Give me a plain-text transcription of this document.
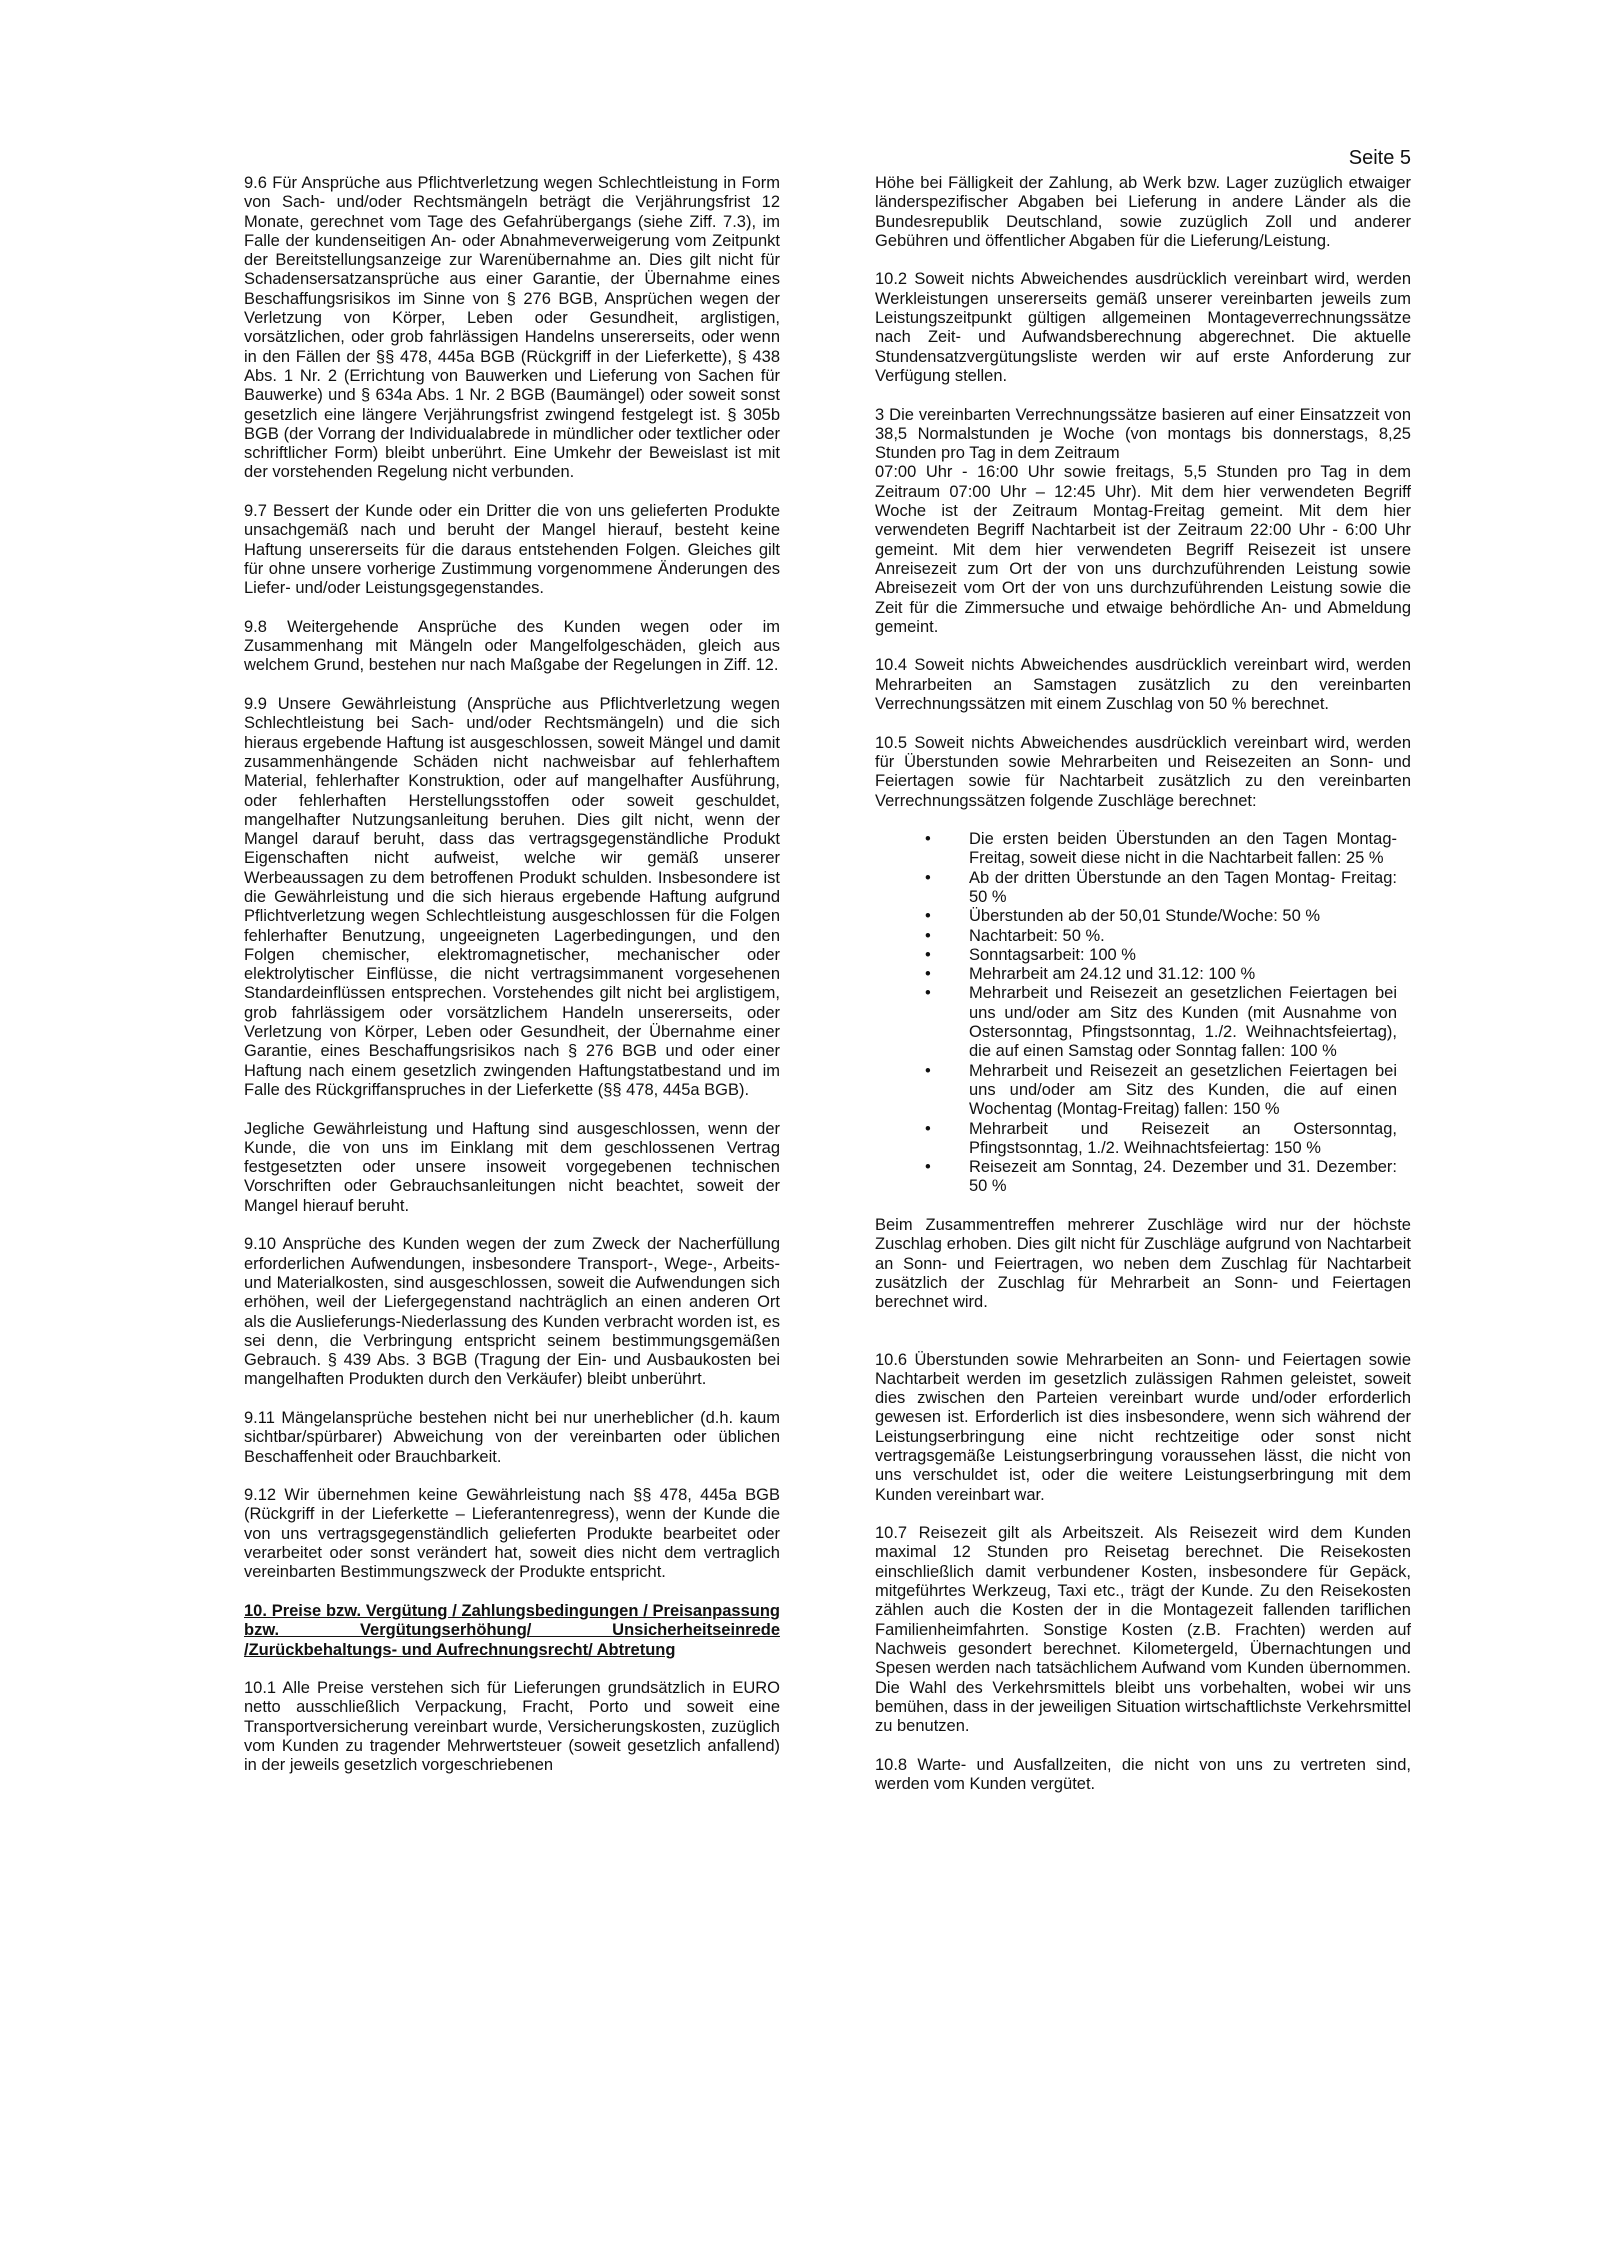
Seite 5

9.6 Für Ansprüche aus Pflichtverletzung wegen Schlechtleistung in Form von Sach- und/oder Rechtsmängeln beträgt die Verjährungsfrist 12 Monate, gerechnet vom Tage des Gefahrübergangs (siehe Ziff. 7.3), im Falle der kundenseitigen An- oder Abnahmeverweigerung vom Zeitpunkt der Bereitstellungsanzeige zur Warenübernahme an. Dies gilt nicht für Schadensersatzansprüche aus einer Garantie, der Übernahme eines Beschaffungsrisikos im Sinne von § 276 BGB, Ansprüchen wegen der Verletzung von Körper, Leben oder Gesundheit, arglistigen, vorsätzlichen, oder grob fahrlässigen Handelns unsererseits, oder wenn in den Fällen der §§ 478, 445a BGB (Rückgriff in der Lieferkette), § 438 Abs. 1 Nr. 2 (Errichtung von Bauwerken und Lieferung von Sachen für Bauwerke) und § 634a Abs. 1 Nr. 2 BGB (Baumängel) oder soweit sonst gesetzlich eine längere Verjährungsfrist zwingend festgelegt ist. § 305b BGB (der Vorrang der Individualabrede in mündlicher oder textlicher oder schriftlicher Form) bleibt unberührt. Eine Umkehr der Beweislast ist mit der vorstehenden Regelung nicht verbunden.

9.7 Bessert der Kunde oder ein Dritter die von uns gelieferten Produkte unsachgemäß nach und beruht der Mangel hierauf, besteht keine Haftung unsererseits für die daraus entstehenden Folgen. Gleiches gilt für ohne unsere vorherige Zustimmung vorgenommene Änderungen des Liefer- und/oder Leistungsgegenstandes.

9.8 Weitergehende Ansprüche des Kunden wegen oder im Zusammenhang mit Mängeln oder Mangelfolgeschäden, gleich aus welchem Grund, bestehen nur nach Maßgabe der Regelungen in Ziff. 12.

9.9 Unsere Gewährleistung (Ansprüche aus Pflichtverletzung wegen Schlechtleistung bei Sach- und/oder Rechtsmängeln) und die sich hieraus ergebende Haftung ist ausgeschlossen, soweit Mängel und damit zusammenhängende Schäden nicht nachweisbar auf fehlerhaftem Material, fehlerhafter Konstruktion, oder auf mangelhafter Ausführung, oder fehlerhaften Herstellungsstoffen oder soweit geschuldet, mangelhafter Nutzungsanleitung beruhen. Dies gilt nicht, wenn der Mangel darauf beruht, dass das vertragsgegenständliche Produkt Eigenschaften nicht aufweist, welche wir gemäß unserer Werbeaussagen zu dem betroffenen Produkt schulden. Insbesondere ist die Gewährleistung und die sich hieraus ergebende Haftung aufgrund Pflichtverletzung wegen Schlechtleistung ausgeschlossen für die Folgen fehlerhafter Benutzung, ungeeigneten Lagerbedingungen, und den Folgen chemischer, elektromagnetischer, mechanischer oder elektrolytischer Einflüsse, die nicht vertragsimmanent vorgesehenen Standardeinflüssen entsprechen. Vorstehendes gilt nicht bei arglistigem, grob fahrlässigem oder vorsätzlichem Handeln unsererseits, oder Verletzung von Körper, Leben oder Gesundheit, der Übernahme einer Garantie, eines Beschaffungsrisikos nach § 276 BGB und oder einer Haftung nach einem gesetzlich zwingenden Haftungstatbestand und im Falle des Rückgriffanspruches in der Lieferkette (§§ 478, 445a BGB).

Jegliche Gewährleistung und Haftung sind ausgeschlossen, wenn der Kunde, die von uns im Einklang mit dem geschlossenen Vertrag festgesetzten oder unsere insoweit vorgegebenen technischen Vorschriften oder Gebrauchsanleitungen nicht beachtet, soweit der Mangel hierauf beruht.

9.10 Ansprüche des Kunden wegen der zum Zweck der Nacherfüllung erforderlichen Aufwendungen, insbesondere Transport-, Wege-, Arbeits- und Materialkosten, sind ausgeschlossen, soweit die Aufwendungen sich erhöhen, weil der Liefergegenstand nachträglich an einen anderen Ort als die Auslieferungs-Niederlassung des Kunden verbracht worden ist, es sei denn, die Verbringung entspricht seinem bestimmungsgemäßen Gebrauch. § 439 Abs. 3 BGB (Tragung der Ein- und Ausbaukosten bei mangelhaften Produkten durch den Verkäufer) bleibt unberührt.

9.11 Mängelansprüche bestehen nicht bei nur unerheblicher (d.h. kaum sichtbar/spürbarer) Abweichung von der vereinbarten oder üblichen Beschaffenheit oder Brauchbarkeit.

9.12 Wir übernehmen keine Gewährleistung nach §§ 478, 445a BGB (Rückgriff in der Lieferkette – Lieferantenregress), wenn der Kunde die von uns vertragsgegenständlich gelieferten Produkte bearbeitet oder verarbeitet oder sonst verändert hat, soweit dies nicht dem vertraglich vereinbarten Bestimmungszweck der Produkte entspricht.

10. Preise bzw. Vergütung / Zahlungsbedingungen / Preisanpassung bzw. Vergütungserhöhung/ Unsicherheitseinrede /Zurückbehaltungs- und Aufrechnungsrecht/ Abtretung

10.1 Alle Preise verstehen sich für Lieferungen grundsätzlich in EURO netto ausschließlich Verpackung, Fracht, Porto und soweit eine Transportversicherung vereinbart wurde, Versicherungskosten, zuzüglich vom Kunden zu tragender Mehrwertsteuer (soweit gesetzlich anfallend) in der jeweils gesetzlich vorgeschriebenen

Höhe bei Fälligkeit der Zahlung, ab Werk bzw. Lager zuzüglich etwaiger länderspezifischer Abgaben bei Lieferung in andere Länder als die Bundesrepublik Deutschland, sowie zuzüglich Zoll und anderer Gebühren und öffentlicher Abgaben für die Lieferung/Leistung.

10.2 Soweit nichts Abweichendes ausdrücklich vereinbart wird, werden Werkleistungen unsererseits gemäß unserer vereinbarten jeweils zum Leistungszeitpunkt gültigen allgemeinen Montageverrechnungssätze nach Zeit- und Aufwandsberechnung abgerechnet. Die aktuelle Stundensatzvergütungsliste werden wir auf erste Anforderung zur Verfügung stellen.

3 Die vereinbarten Verrechnungssätze basieren auf einer Einsatzzeit von 38,5 Normalstunden je Woche (von montags bis donnerstags, 8,25 Stunden pro Tag in dem Zeitraum

07:00 Uhr - 16:00 Uhr sowie freitags, 5,5 Stunden pro Tag in dem Zeitraum 07:00 Uhr – 12:45 Uhr). Mit dem hier verwendeten Begriff Woche ist der Zeitraum Montag-Freitag gemeint. Mit dem hier verwendeten Begriff Nachtarbeit ist der Zeitraum 22:00 Uhr - 6:00 Uhr gemeint. Mit dem hier verwendeten Begriff Reisezeit ist unsere Anreisezeit zum Ort der von uns durchzuführenden Leistung sowie Abreisezeit vom Ort der von uns durchzuführenden Leistung sowie die Zeit für die Zimmersuche und etwaige behördliche An- und Abmeldung gemeint.

10.4 Soweit nichts Abweichendes ausdrücklich vereinbart wird, werden Mehrarbeiten an Samstagen zusätzlich zu den vereinbarten Verrechnungssätzen mit einem Zuschlag von 50 % berechnet.

10.5 Soweit nichts Abweichendes ausdrücklich vereinbart wird, werden für Überstunden sowie Mehrarbeiten und Reisezeiten an Sonn- und Feiertagen sowie für Nachtarbeit zusätzlich zu den vereinbarten Verrechnungssätzen folgende Zuschläge berechnet:

• Die ersten beiden Überstunden an den Tagen Montag- Freitag, soweit diese nicht in die Nachtarbeit fallen: 25 %
• Ab der dritten Überstunde an den Tagen Montag- Freitag: 50 %
• Überstunden ab der 50,01 Stunde/Woche: 50 %
• Nachtarbeit: 50 %.
• Sonntagsarbeit: 100 %
• Mehrarbeit am 24.12 und 31.12: 100 %
• Mehrarbeit und Reisezeit an gesetzlichen Feiertagen bei uns und/oder am Sitz des Kunden (mit Ausnahme von Ostersonntag, Pfingstsonntag, 1./2. Weihnachtsfeiertag), die auf einen Samstag oder Sonntag fallen: 100 %
• Mehrarbeit und Reisezeit an gesetzlichen Feiertagen bei uns und/oder am Sitz des Kunden, die auf einen Wochentag (Montag-Freitag) fallen: 150 %
• Mehrarbeit und Reisezeit an Ostersonntag, Pfingstsonntag, 1./2. Weihnachtsfeiertag: 150 %
• Reisezeit am Sonntag, 24. Dezember und 31. Dezember: 50 %

Beim Zusammentreffen mehrerer Zuschläge wird nur der höchste Zuschlag erhoben. Dies gilt nicht für Zuschläge aufgrund von Nachtarbeit an Sonn- und Feiertragen, wo neben dem Zuschlag für Nachtarbeit zusätzlich der Zuschlag für Mehrarbeit an Sonn- und Feiertagen berechnet wird.

10.6 Überstunden sowie Mehrarbeiten an Sonn- und Feiertagen sowie Nachtarbeit werden im gesetzlich zulässigen Rahmen geleistet, soweit dies zwischen den Parteien vereinbart wurde und/oder erforderlich gewesen ist. Erforderlich ist dies insbesondere, wenn sich während der Leistungserbringung eine nicht rechtzeitige oder sonst nicht vertragsgemäße Leistungserbringung voraussehen lässt, die nicht von uns verschuldet ist, oder die weitere Leistungserbringung mit dem Kunden vereinbart war.

10.7 Reisezeit gilt als Arbeitszeit. Als Reisezeit wird dem Kunden maximal 12 Stunden pro Reisetag berechnet. Die Reisekosten einschließlich damit verbundener Kosten, insbesondere für Gepäck, mitgeführtes Werkzeug, Taxi etc., trägt der Kunde. Zu den Reisekosten zählen auch die Kosten der in die Montagezeit fallenden tariflichen Familienheimfahrten. Sonstige Kosten (z.B. Frachten) werden auf Nachweis gesondert berechnet. Kilometergeld, Übernachtungen und Spesen werden nach tatsächlichem Aufwand vom Kunden übernommen. Die Wahl des Verkehrsmittels bleibt uns vorbehalten, wobei wir uns bemühen, dass in der jeweiligen Situation wirtschaftlichste Verkehrsmittel zu benutzen.

10.8 Warte- und Ausfallzeiten, die nicht von uns zu vertreten sind, werden vom Kunden vergütet.
